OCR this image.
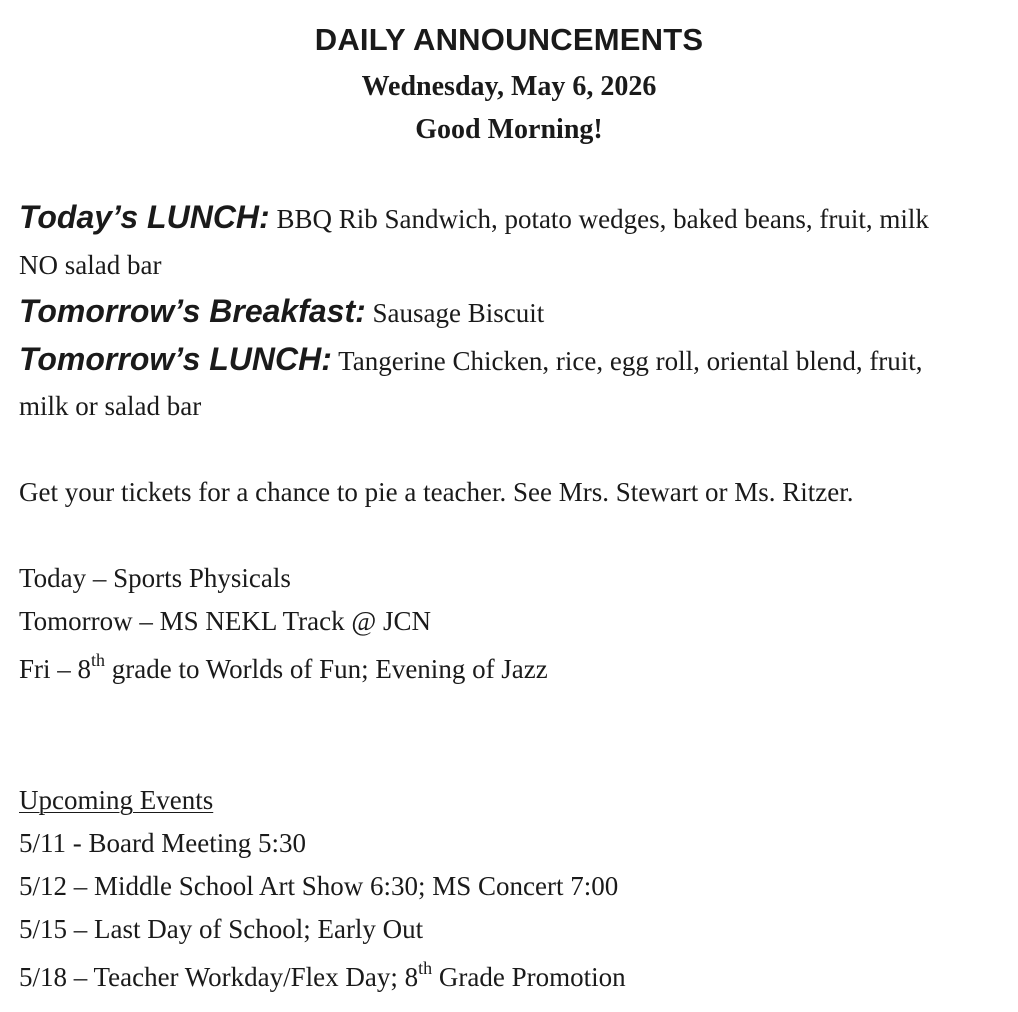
DAILY ANNOUNCEMENTS
Wednesday, May 6, 2026
Good Morning!
Today’s LUNCH: BBQ Rib Sandwich, potato wedges, baked beans, fruit, milk
NO salad bar
Tomorrow’s Breakfast: Sausage Biscuit
Tomorrow’s LUNCH: Tangerine Chicken, rice, egg roll, oriental blend, fruit,
milk or salad bar
Get your tickets for a chance to pie a teacher. See Mrs. Stewart or Ms. Ritzer.
Today – Sports Physicals
Tomorrow – MS NEKL Track @ JCN
Fri – 8th grade to Worlds of Fun; Evening of Jazz
Upcoming Events
5/11 - Board Meeting 5:30
5/12 – Middle School Art Show 6:30; MS Concert 7:00
5/15 – Last Day of School; Early Out
5/18 – Teacher Workday/Flex Day; 8th Grade Promotion
